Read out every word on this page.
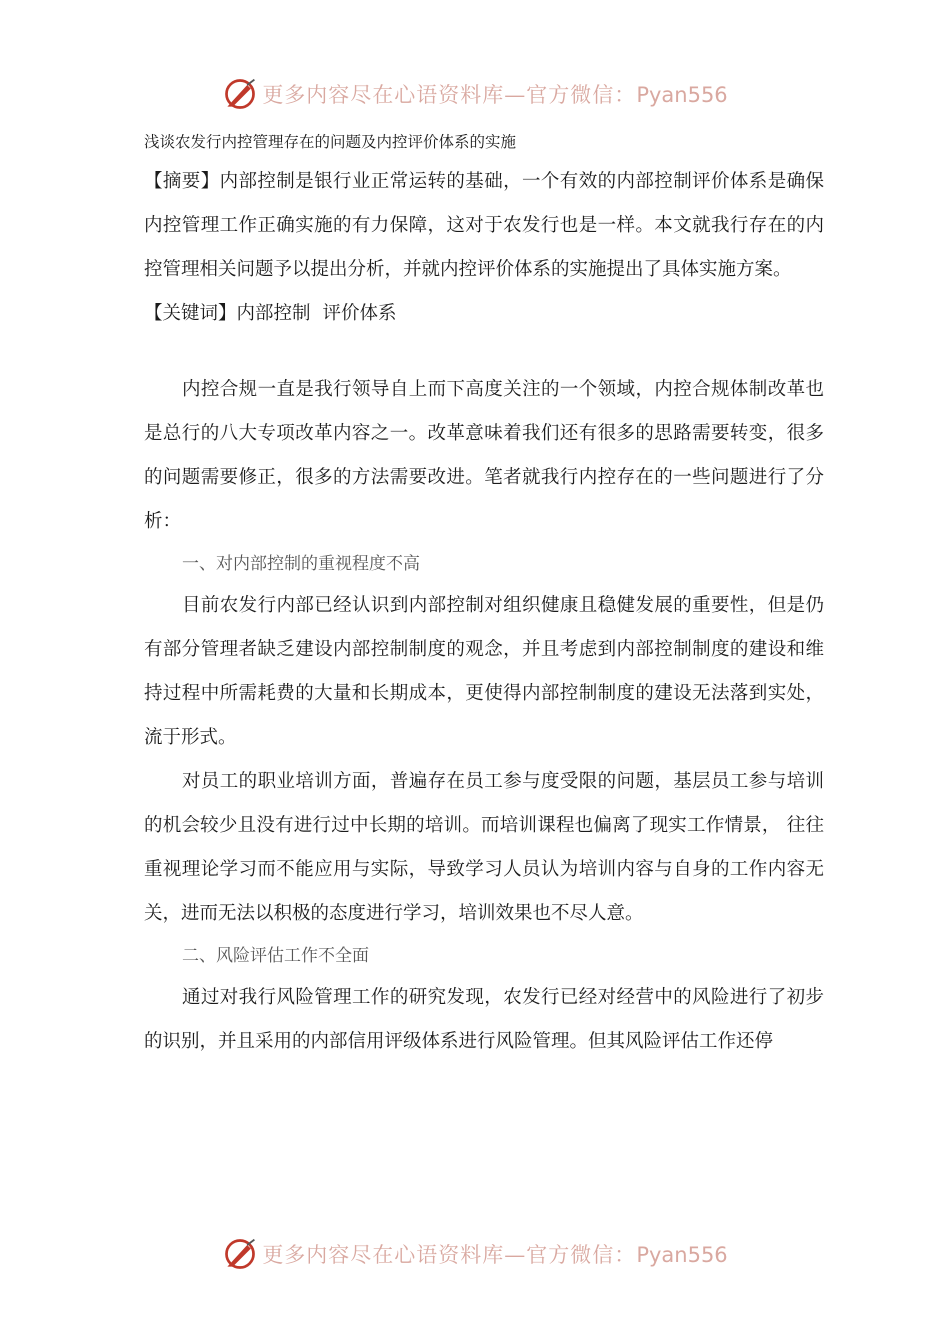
更多内容尽在心语资料库—官方微信：Pyan556

浅谈农发行内控管理存在的问题及内控评价体系的实施

【摘要】内部控制是银行业正常运转的基础，一个有效的内部控制评价体系是确保内控管理工作正确实施的有力保障，这对于农发行也是一样。本文就我行存在的内控管理相关问题予以提出分析，并就内控评价体系的实施提出了具体实施方案。

【关键词】内部控制 评价体系

内控合规一直是我行领导自上而下高度关注的一个领域，内控合规体制改革也是总行的八大专项改革内容之一。改革意味着我们还有很多的思路需要转变，很多的问题需要修正，很多的方法需要改进。笔者就我行内控存在的一些问题进行了分析：

一、对内部控制的重视程度不高

目前农发行内部已经认识到内部控制对组织健康且稳健发展的重要性，但是仍有部分管理者缺乏建设内部控制制度的观念，并且考虑到内部控制制度的建设和维持过程中所需耗费的大量和长期成本，更使得内部控制制度的建设无法落到实处，流于形式。

对员工的职业培训方面，普遍存在员工参与度受限的问题，基层员工参与培训的机会较少且没有进行过中长期的培训。而培训课程也偏离了现实工作情景， 往往重视理论学习而不能应用与实际，导致学习人员认为培训内容与自身的工作内容无关，进而无法以积极的态度进行学习，培训效果也不尽人意。

二、风险评估工作不全面

通过对我行风险管理工作的研究发现，农发行已经对经营中的风险进行了初步的识别，并且采用的内部信用评级体系进行风险管理。但其风险评估工作还停

更多内容尽在心语资料库—官方微信：Pyan556
